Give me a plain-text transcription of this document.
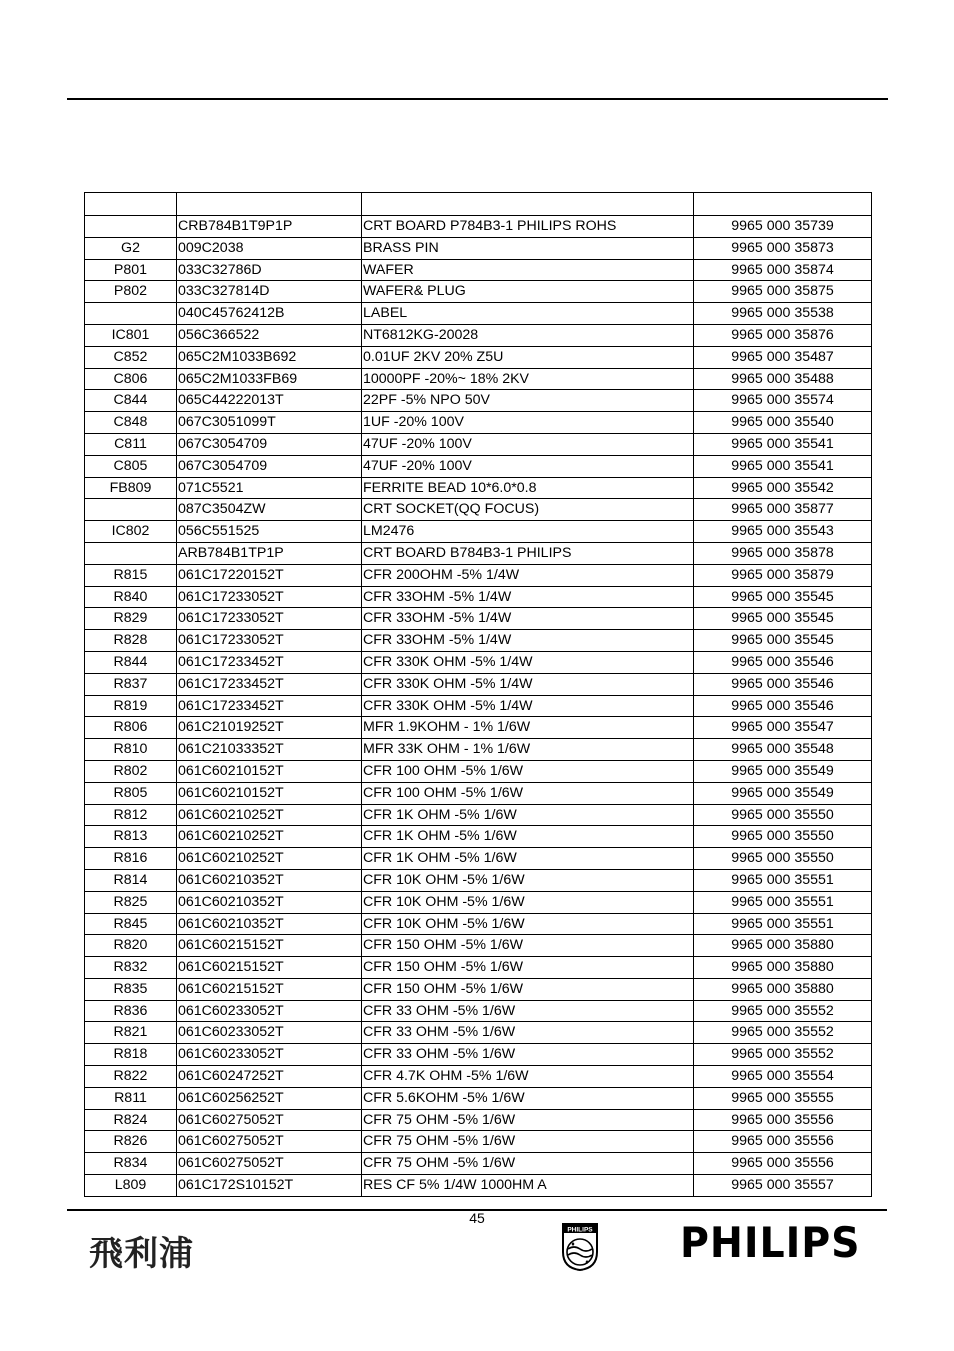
	CRB784B1T9P1P	CRT BOARD P784B3-1 PHILIPS ROHS	9965 000 35739
G2	009C2038	BRASS PIN	9965 000 35873
P801	033C32786D	WAFER	9965 000 35874
P802	033C327814D	WAFER& PLUG	9965 000 35875
	040C45762412B	LABEL	9965 000 35538
IC801	056C366522	NT6812KG-20028	9965 000 35876
C852	065C2M1033B692	0.01UF 2KV 20% Z5U	9965 000 35487
C806	065C2M1033FB69	10000PF -20%~ 18% 2KV	9965 000 35488
C844	065C44222013T	22PF -5% NPO 50V	9965 000 35574
C848	067C3051099T	1UF -20% 100V	9965 000 35540
C811	067C3054709	47UF -20% 100V	9965 000 35541
C805	067C3054709	47UF -20% 100V	9965 000 35541
FB809	071C5521	FERRITE BEAD 10*6.0*0.8	9965 000 35542
	087C3504ZW	CRT SOCKET(QQ FOCUS)	9965 000 35877
IC802	056C551525	LM2476	9965 000 35543
	ARB784B1TP1P	CRT BOARD B784B3-1 PHILIPS	9965 000 35878
R815	061C17220152T	CFR 200OHM -5% 1/4W	9965 000 35879
R840	061C17233052T	CFR 33OHM -5% 1/4W	9965 000 35545
R829	061C17233052T	CFR 33OHM -5% 1/4W	9965 000 35545
R828	061C17233052T	CFR 33OHM -5% 1/4W	9965 000 35545
R844	061C17233452T	CFR 330K OHM -5% 1/4W	9965 000 35546
R837	061C17233452T	CFR 330K OHM -5% 1/4W	9965 000 35546
R819	061C17233452T	CFR 330K OHM -5% 1/4W	9965 000 35546
R806	061C21019252T	MFR 1.9KOHM - 1% 1/6W	9965 000 35547
R810	061C21033352T	MFR 33K OHM - 1% 1/6W	9965 000 35548
R802	061C60210152T	CFR 100 OHM -5% 1/6W	9965 000 35549
R805	061C60210152T	CFR 100 OHM -5% 1/6W	9965 000 35549
R812	061C60210252T	CFR 1K OHM -5% 1/6W	9965 000 35550
R813	061C60210252T	CFR 1K OHM -5% 1/6W	9965 000 35550
R816	061C60210252T	CFR 1K OHM -5% 1/6W	9965 000 35550
R814	061C60210352T	CFR 10K OHM -5% 1/6W	9965 000 35551
R825	061C60210352T	CFR 10K OHM -5% 1/6W	9965 000 35551
R845	061C60210352T	CFR 10K OHM -5% 1/6W	9965 000 35551
R820	061C60215152T	CFR 150 OHM -5% 1/6W	9965 000 35880
R832	061C60215152T	CFR 150 OHM -5% 1/6W	9965 000 35880
R835	061C60215152T	CFR 150 OHM -5% 1/6W	9965 000 35880
R836	061C60233052T	CFR 33 OHM -5% 1/6W	9965 000 35552
R821	061C60233052T	CFR 33 OHM -5% 1/6W	9965 000 35552
R818	061C60233052T	CFR 33 OHM -5% 1/6W	9965 000 35552
R822	061C60247252T	CFR 4.7K OHM -5% 1/6W	9965 000 35554
R811	061C60256252T	CFR 5.6KOHM -5% 1/6W	9965 000 35555
R824	061C60275052T	CFR 75 OHM -5% 1/6W	9965 000 35556
R826	061C60275052T	CFR 75 OHM -5% 1/6W	9965 000 35556
R834	061C60275052T	CFR 75 OHM -5% 1/6W	9965 000 35556
L809	061C172S10152T	RES CF 5% 1/4W 1000HM A	9965 000 35557
45
飛利浦
PHILIPS PHILIPS
